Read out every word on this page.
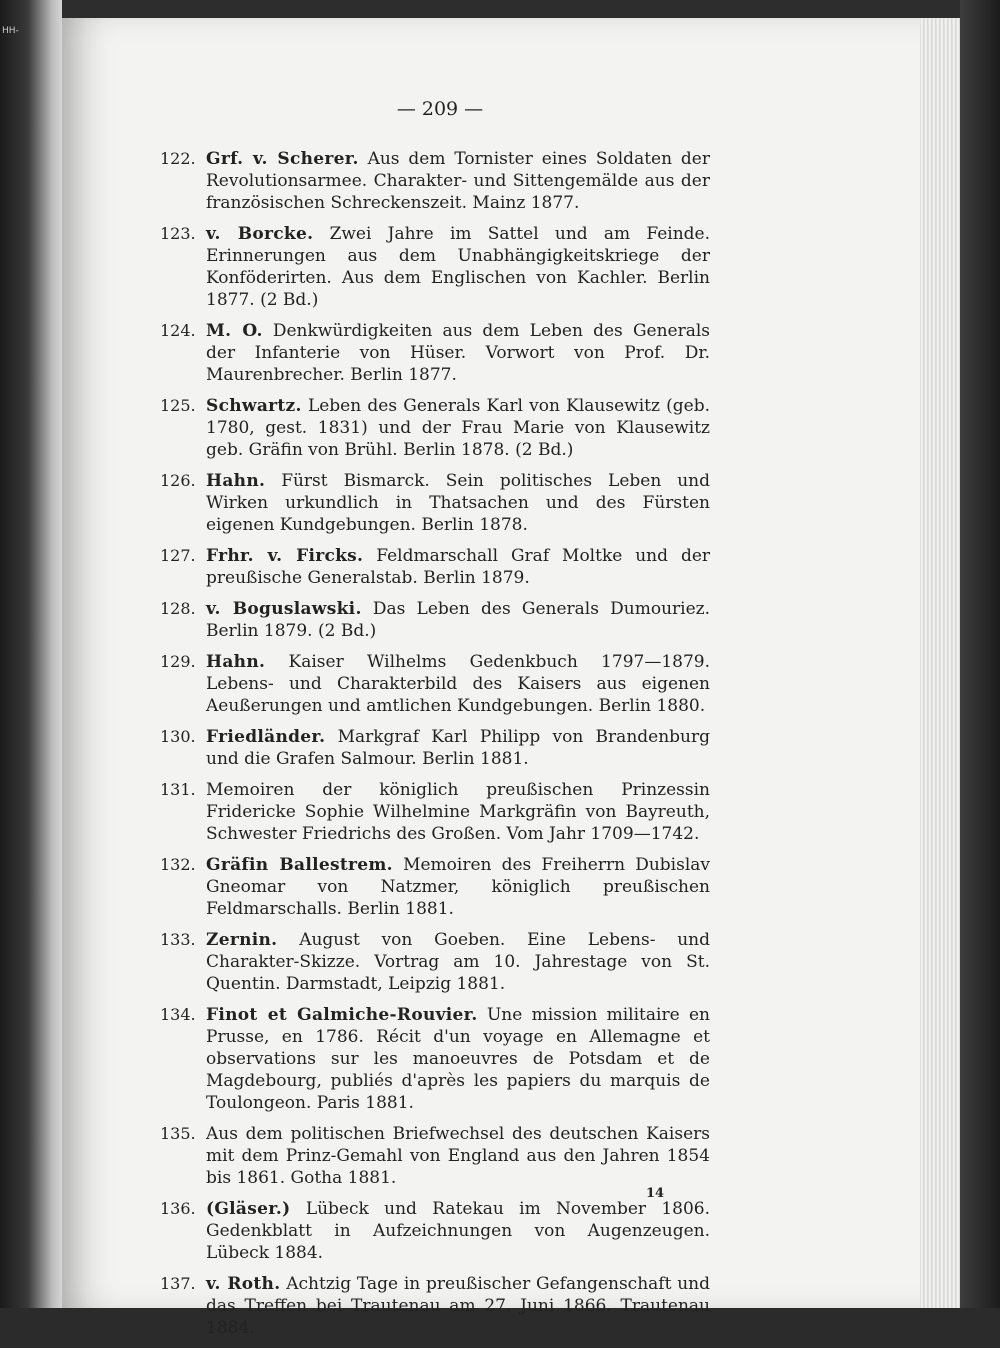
HH-
— 209 —
122. Grf. v. Scherer. Aus dem Tornister eines Soldaten der Revolutionsarmee. Charakter- und Sittengemälde aus der französischen Schreckenszeit. Mainz 1877.
123. v. Borcke. Zwei Jahre im Sattel und am Feinde. Erinnerungen aus dem Unabhängigkeitskriege der Konföderirten. Aus dem Englischen von Kachler. Berlin 1877. (2 Bd.)
124. M. O. Denkwürdigkeiten aus dem Leben des Generals der Infanterie von Hüser. Vorwort von Prof. Dr. Maurenbrecher. Berlin 1877.
125. Schwartz. Leben des Generals Karl von Klausewitz (geb. 1780, gest. 1831) und der Frau Marie von Klausewitz geb. Gräfin von Brühl. Berlin 1878. (2 Bd.)
126. Hahn. Fürst Bismarck. Sein politisches Leben und Wirken urkundlich in Thatsachen und des Fürsten eigenen Kundgebungen. Berlin 1878.
127. Frhr. v. Fircks. Feldmarschall Graf Moltke und der preußische Generalstab. Berlin 1879.
128. v. Boguslawski. Das Leben des Generals Dumouriez. Berlin 1879. (2 Bd.)
129. Hahn. Kaiser Wilhelms Gedenkbuch 1797—1879. Lebens- und Charakterbild des Kaisers aus eigenen Aeußerungen und amtlichen Kundgebungen. Berlin 1880.
130. Friedländer. Markgraf Karl Philipp von Brandenburg und die Grafen Salmour. Berlin 1881.
131. Memoiren der königlich preußischen Prinzessin Fridericke Sophie Wilhelmine Markgräfin von Bayreuth, Schwester Friedrichs des Großen. Vom Jahr 1709—1742.
132. Gräfin Ballestrem. Memoiren des Freiherrn Dubislav Gneomar von Natzmer, königlich preußischen Feldmarschalls. Berlin 1881.
133. Zernin. August von Goeben. Eine Lebens- und Charakter-Skizze. Vortrag am 10. Jahrestage von St. Quentin. Darmstadt, Leipzig 1881.
134. Finot et Galmiche-Rouvier. Une mission militaire en Prusse, en 1786. Récit d'un voyage en Allemagne et observations sur les manoeuvres de Potsdam et de Magdebourg, publiés d'après les papiers du marquis de Toulongeon. Paris 1881.
135. Aus dem politischen Briefwechsel des deutschen Kaisers mit dem Prinz-Gemahl von England aus den Jahren 1854 bis 1861. Gotha 1881.
136. (Gläser.) Lübeck und Ratekau im November 1806. Gedenkblatt in Aufzeichnungen von Augenzeugen. Lübeck 1884.
137. v. Roth. Achtzig Tage in preußischer Gefangenschaft und das Treffen bei Trautenau am 27. Juni 1866. Trautenau 1884.
14
